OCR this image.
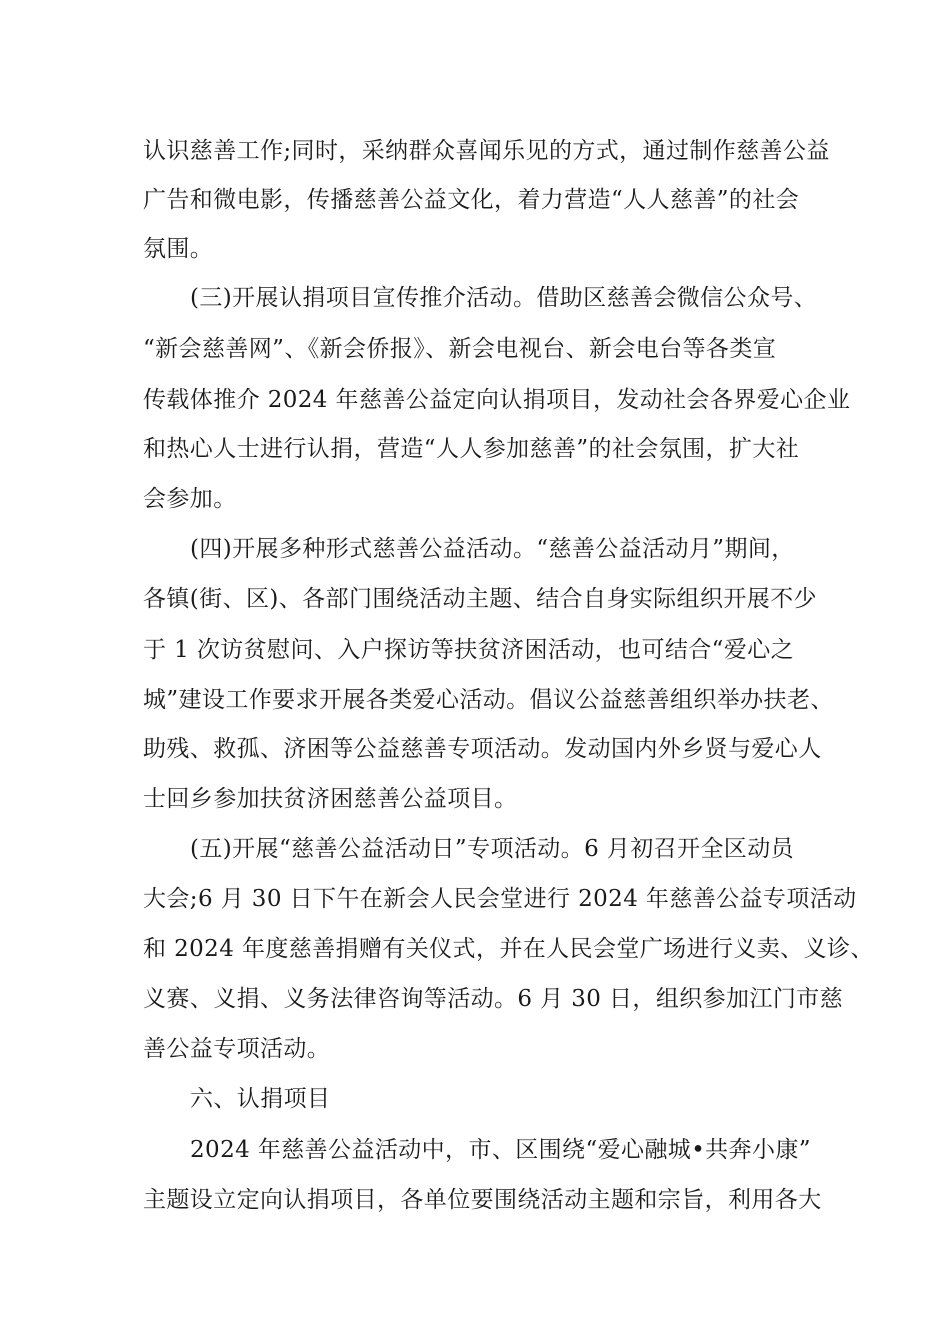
认识慈善工作;同时，采纳群众喜闻乐见的方式，通过制作慈善公益
广告和微电影，传播慈善公益文化，着力营造“人人慈善”的社会
氛围。
(三)开展认捐项目宣传推介活动。借助区慈善会微信公众号、
“新会慈善网”、《新会侨报》、新会电视台、新会电台等各类宣
传载体推介 2024 年慈善公益定向认捐项目，发动社会各界爱心企业
和热心人士进行认捐，营造“人人参加慈善”的社会氛围，扩大社
会参加。
(四)开展多种形式慈善公益活动。“慈善公益活动月”期间，
各镇(街、区)、各部门围绕活动主题、结合自身实际组织开展不少
于 1 次访贫慰问、入户探访等扶贫济困活动，也可结合“爱心之
城”建设工作要求开展各类爱心活动。倡议公益慈善组织举办扶老、
助残、救孤、济困等公益慈善专项活动。发动国内外乡贤与爱心人
士回乡参加扶贫济困慈善公益项目。
(五)开展“慈善公益活动日”专项活动。6 月初召开全区动员
大会;6 月 30 日下午在新会人民会堂进行 2024 年慈善公益专项活动
和 2024 年度慈善捐赠有关仪式，并在人民会堂广场进行义卖、义诊、
义赛、义捐、义务法律咨询等活动。6 月 30 日，组织参加江门市慈
善公益专项活动。
六、认捐项目
2024 年慈善公益活动中，市、区围绕“爱心融城•共奔小康”
主题设立定向认捐项目，各单位要围绕活动主题和宗旨，利用各大
